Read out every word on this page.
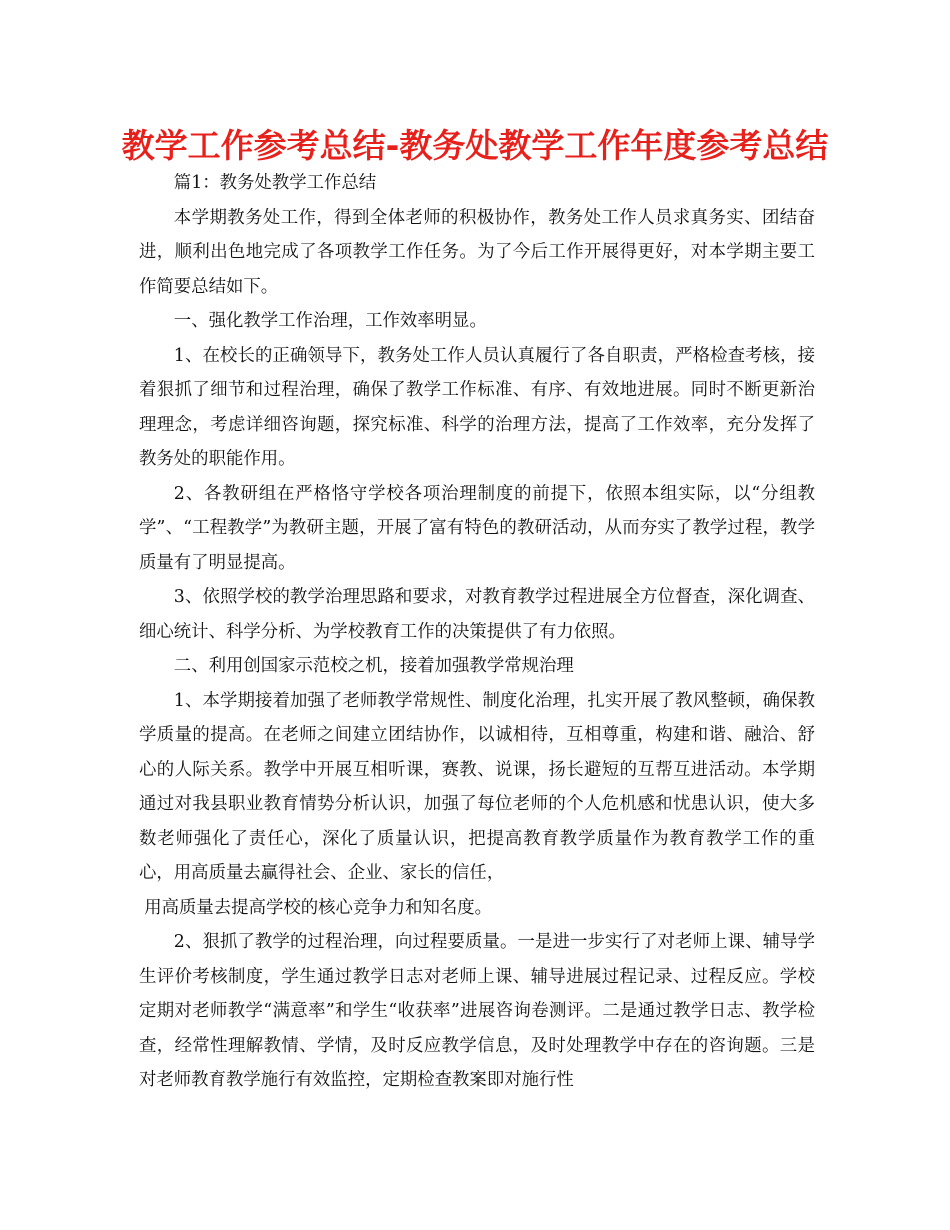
教学工作参考总结-教务处教学工作年度参考总结

篇1：教务处教学工作总结

本学期教务处工作，得到全体老师的积极协作，教务处工作人员求真务实、团结奋进，顺利出色地完成了各项教学工作任务。为了今后工作开展得更好，对本学期主要工作简要总结如下。

一、强化教学工作治理，工作效率明显。

1、在校长的正确领导下，教务处工作人员认真履行了各自职责，严格检查考核，接着狠抓了细节和过程治理，确保了教学工作标准、有序、有效地进展。同时不断更新治理理念，考虑详细咨询题，探究标准、科学的治理方法，提高了工作效率，充分发挥了教务处的职能作用。

2、各教研组在严格恪守学校各项治理制度的前提下，依照本组实际，以“分组教学”、“工程教学”为教研主题，开展了富有特色的教研活动，从而夯实了教学过程，教学质量有了明显提高。

3、依照学校的教学治理思路和要求，对教育教学过程进展全方位督查，深化调查、细心统计、科学分析、为学校教育工作的决策提供了有力依照。

二、利用创国家示范校之机，接着加强教学常规治理

1、本学期接着加强了老师教学常规性、制度化治理，扎实开展了教风整顿，确保教学质量的提高。在老师之间建立团结协作，以诚相待，互相尊重，构建和谐、融洽、舒心的人际关系。教学中开展互相听课，赛教、说课，扬长避短的互帮互进活动。本学期通过对我县职业教育情势分析认识，加强了每位老师的个人危机感和忧患认识，使大多数老师强化了责任心，深化了质量认识，把提高教育教学质量作为教育教学工作的重心，用高质量去赢得社会、企业、家长的信任，

用高质量去提高学校的核心竞争力和知名度。

2、狠抓了教学的过程治理，向过程要质量。一是进一步实行了对老师上课、辅导学生评价考核制度，学生通过教学日志对老师上课、辅导进展过程记录、过程反应。学校定期对老师教学“满意率”和学生“收获率”进展咨询卷测评。二是通过教学日志、教学检查，经常性理解教情、学情，及时反应教学信息，及时处理教学中存在的咨询题。三是对老师教育教学施行有效监控，定期检查教案即对施行性
